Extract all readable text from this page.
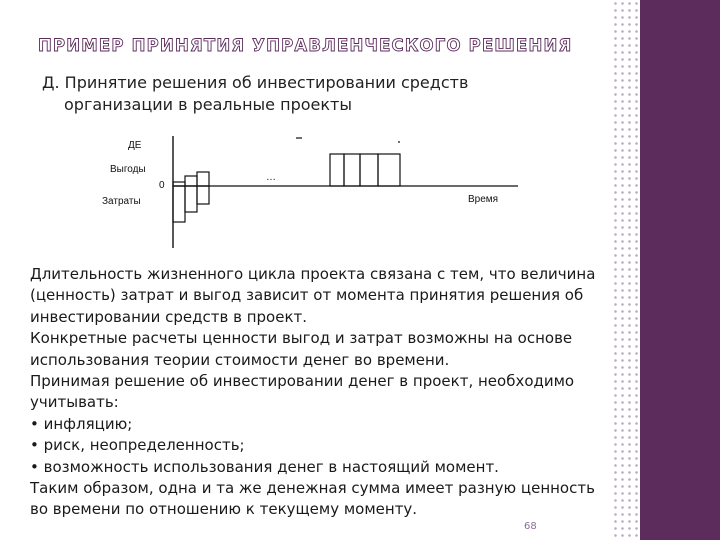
ПРИМЕР ПРИНЯТИЯ УПРАВЛЕНЧЕСКОГО РЕШЕНИЯ
Д. Принятие решения об инвестировании средств
организации в реальные проекты
ДЕ
Выгоды
0
Затраты	Время
…
Длительность жизненного цикла проекта связана с тем, что величина
(ценность) затрат и выгод зависит от момента принятия решения об
инвестировании средств в проект.
Конкретные расчеты ценности выгод и затрат возможны на основе
использования теории стоимости денег во времени.
Принимая решение об инвестировании денег в проект, необходимо
учитывать:
• инфляцию;
• риск, неопределенность;
• возможность использования денег в настоящий момент.
Таким образом, одна и та же денежная сумма имеет разную ценность
во времени по отношению к текущему моменту.
68
